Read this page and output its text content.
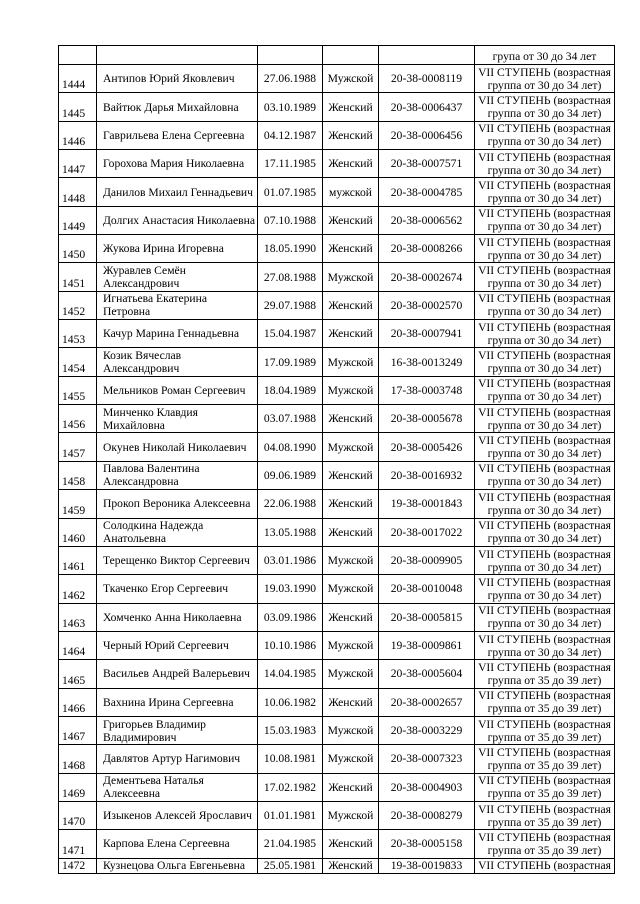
					група от 30 до 34 лет
1444	Антипов Юрий Яковлевич	27.06.1988	Мужской	20-38-0008119	VII СТУПЕНЬ (возрастная
группа от 30 до 34 лет)

1445	Вайтюк Дарья Михайловна	03.10.1989	Женский	20-38-0006437	VII СТУПЕНЬ (возрастная
группа от 30 до 34 лет)

1446	Гаврильева Елена Сергеевна	04.12.1987	Женский	20-38-0006456	VII СТУПЕНЬ (возрастная
группа от 30 до 34 лет)

1447	Горохова Мария Николаевна	17.11.1985	Женский	20-38-0007571	VII СТУПЕНЬ (возрастная
группа от 30 до 34 лет)

1448	Данилов Михаил Геннадьевич	01.07.1985	мужской	20-38-0004785	VII СТУПЕНЬ (возрастная
группа от 30 до 34 лет)

1449	Долгих Анастасия Николаевна	07.10.1988	Женский	20-38-0006562	VII СТУПЕНЬ (возрастная
группа от 30 до 34 лет)

1450	Жукова Ирина Игоревна	18.05.1990	Женский	20-38-0008266	VII СТУПЕНЬ (возрастная
группа от 30 до 34 лет)

1451	Журавлев Семён Александрович	27.08.1988	Мужской	20-38-0002674	VII СТУПЕНЬ (возрастная
группа от 30 до 34 лет)

1452	Игнатьева Екатерина Петровна	29.07.1988	Женский	20-38-0002570	VII СТУПЕНЬ (возрастная
группа от 30 до 34 лет)

1453	Качур Марина Геннадьевна	15.04.1987	Женский	20-38-0007941	VII СТУПЕНЬ (возрастная
группа от 30 до 34 лет)

1454	Козик Вячеслав Александрович	17.09.1989	Мужской	16-38-0013249	VII СТУПЕНЬ (возрастная
группа от 30 до 34 лет)

1455	Мельников Роман Сергеевич	18.04.1989	Мужской	17-38-0003748	VII СТУПЕНЬ (возрастная
группа от 30 до 34 лет)

1456	Минченко Клавдия Михайловна	03.07.1988	Женский	20-38-0005678	VII СТУПЕНЬ (возрастная
группа от 30 до 34 лет)

1457	Окунев Николай Николаевич	04.08.1990	Мужской	20-38-0005426	VII СТУПЕНЬ (возрастная
группа от 30 до 34 лет)

1458	Павлова Валентина Александровна	09.06.1989	Женский	20-38-0016932	VII СТУПЕНЬ (возрастная
группа от 30 до 34 лет)

1459	Прокоп Вероника Алексеевна	22.06.1988	Женский	19-38-0001843	VII СТУПЕНЬ (возрастная
группа от 30 до 34 лет)

1460	Солодкина Надежда Анатольевна	13.05.1988	Женский	20-38-0017022	VII СТУПЕНЬ (возрастная
группа от 30 до 34 лет)

1461	Терещенко Виктор Сергеевич	03.01.1986	Мужской	20-38-0009905	VII СТУПЕНЬ (возрастная
группа от 30 до 34 лет)

1462	Ткаченко Егор Сергеевич	19.03.1990	Мужской	20-38-0010048	VII СТУПЕНЬ (возрастная
группа от 30 до 34 лет)

1463	Хомченко Анна Николаевна	03.09.1986	Женский	20-38-0005815	VII СТУПЕНЬ (возрастная
группа от 30 до 34 лет)

1464	Черный Юрий Сергеевич	10.10.1986	Мужской	19-38-0009861	VII СТУПЕНЬ (возрастная
группа от 30 до 34 лет)

1465	Васильев Андрей Валерьевич	14.04.1985	Мужской	20-38-0005604	VII СТУПЕНЬ (возрастная
группа от 35 до 39 лет)

1466	Вахнина Ирина Сергеевна	10.06.1982	Женский	20-38-0002657	VII СТУПЕНЬ (возрастная
группа от 35 до 39 лет)

1467	Григорьев Владимир Владимирович	15.03.1983	Мужской	20-38-0003229	VII СТУПЕНЬ (возрастная
группа от 35 до 39 лет)

1468	Давлятов Артур Нагимович	10.08.1981	Мужской	20-38-0007323	VII СТУПЕНЬ (возрастная
группа от 35 до 39 лет)

1469	Дементьева Наталья Алексеевна	17.02.1982	Женский	20-38-0004903	VII СТУПЕНЬ (возрастная
группа от 35 до 39 лет)

1470	Изыкенов Алексей Ярославич	01.01.1981	Мужской	20-38-0008279	VII СТУПЕНЬ (возрастная
группа от 35 до 39 лет)

1471	Карпова Елена Сергеевна	21.04.1985	Женский	20-38-0005158	VII СТУПЕНЬ (возрастная
группа от 35 до 39 лет)

1472	Кузнецова Ольга Евгеньевна	25.05.1981	Женский	19-38-0019833	VII СТУПЕНЬ (возрастная
